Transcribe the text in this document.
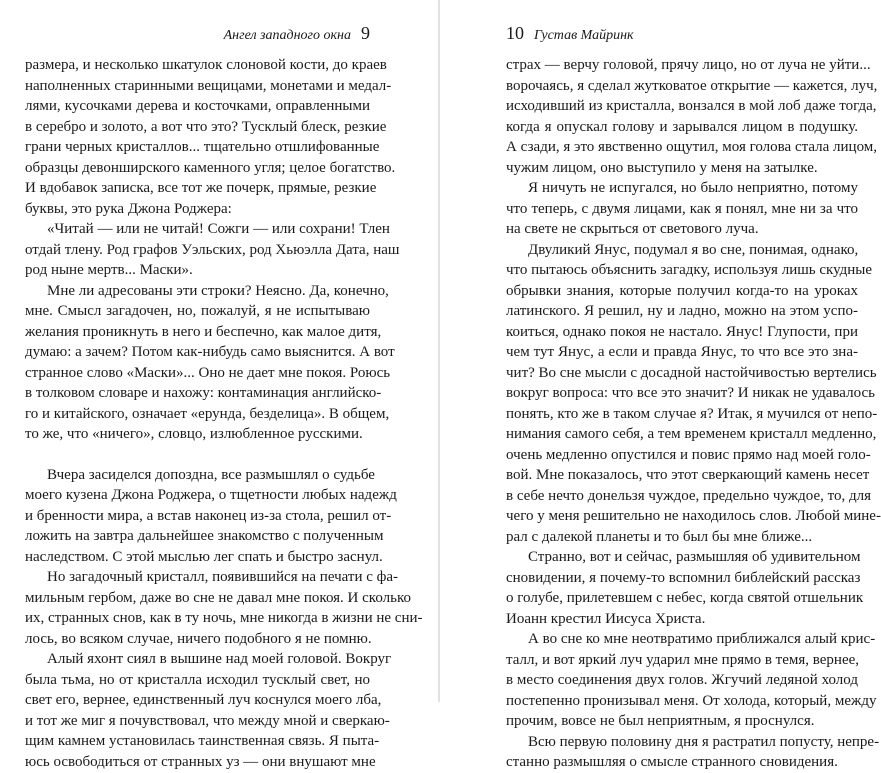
Ангел западного окна 9
размера, и несколько шкатулок слоновой кости, до краев
наполненных старинными вещицами, монетами и медал-
лями, кусочками дерева и косточками, оправленными
в серебро и золото, а вот что это? Тусклый блеск, резкие
грани черных кристаллов... тщательно отшлифованные
образцы девонширского каменного угля; целое богатство.
И вдобавок записка, все тот же почерк, прямые, резкие
буквы, это рука Джона Роджера:
«Читай — или не читай! Сожги — или сохрани! Тлен
отдай тлену. Род графов Уэльских, род Хьюэлла Дата, наш
род ныне мертв... Маски».
Мне ли адресованы эти строки? Неясно. Да, конечно,
мне. Смысл загадочен, но, пожалуй, я не испытываю
желания проникнуть в него и беспечно, как малое дитя,
думаю: а зачем? Потом как-нибудь само выяснится. А вот
странное слово «Маски»... Оно не дает мне покоя. Роюсь
в толковом словаре и нахожу: контаминация английско-
го и китайского, означает «ерунда, безделица». В общем,
то же, что «ничего», словцо, излюбленное русскими.
Вчера засиделся допоздна, все размышлял о судьбе
моего кузена Джона Роджера, о тщетности любых надежд
и бренности мира, а встав наконец из-за стола, решил от-
ложить на завтра дальнейшее знакомство с полученным
наследством. С этой мыслью лег спать и быстро заснул.
Но загадочный кристалл, появившийся на печати с фа-
мильным гербом, даже во сне не давал мне покоя. И сколько
их, странных снов, как в ту ночь, мне никогда в жизни не сни-
лось, во всяком случае, ничего подобного я не помню.
Алый яхонт сиял в вышине над моей головой. Вокруг
была тьма, но от кристалла исходил тусклый свет, но
свет его, вернее, единственный луч коснулся моего лба,
и тот же миг я почувствовал, что между мной и сверкаю-
щим камнем установилась таинственная связь. Я пыта-
юсь освободиться от странных уз — они внушают мне
10 Густав Майринк
страх — верчу головой, прячу лицо, но от луча не уйти...
ворочаясь, я сделал жутковатое открытие — кажется, луч,
исходивший из кристалла, вонзался в мой лоб даже тогда,
когда я опускал голову и зарывался лицом в подушку.
А сзади, я это явственно ощутил, моя голова стала лицом,
чужим лицом, оно выступило у меня на затылке.
Я ничуть не испугался, но было неприятно, потому
что теперь, с двумя лицами, как я понял, мне ни за что
на свете не скрыться от светового луча.
Двуликий Янус, подумал я во сне, понимая, однако,
что пытаюсь объяснить загадку, используя лишь скудные
обрывки знания, которые получил когда-то на уроках
латинского. Я решил, ну и ладно, можно на этом успо-
коиться, однако покоя не настало. Янус! Глупости, при
чем тут Янус, а если и правда Янус, то что все это зна-
чит? Во сне мысли с досадной настойчивостью вертелись
вокруг вопроса: что все это значит? И никак не удавалось
понять, кто же в таком случае я? Итак, я мучился от непо-
нимания самого себя, а тем временем кристалл медленно,
очень медленно опустился и повис прямо над моей голо-
вой. Мне показалось, что этот сверкающий камень несет
в себе нечто донельзя чуждое, предельно чуждое, то, для
чего у меня решительно не находилось слов. Любой мине-
рал с далекой планеты и то был бы мне ближе...
Странно, вот и сейчас, размышляя об удивительном
сновидении, я почему-то вспомнил библейский рассказ
о голубе, прилетевшем с небес, когда святой отшельник
Иоанн крестил Иисуса Христа.
А во сне ко мне неотвратимо приближался алый крис-
талл, и вот яркий луч ударил мне прямо в темя, вернее,
в место соединения двух голов. Жгучий ледяной холод
постепенно пронизывал меня. От холода, который, между
прочим, вовсе не был неприятным, я проснулся.
Всю первую половину дня я растратил попусту, непре-
станно размышляя о смысле странного сновидения.
